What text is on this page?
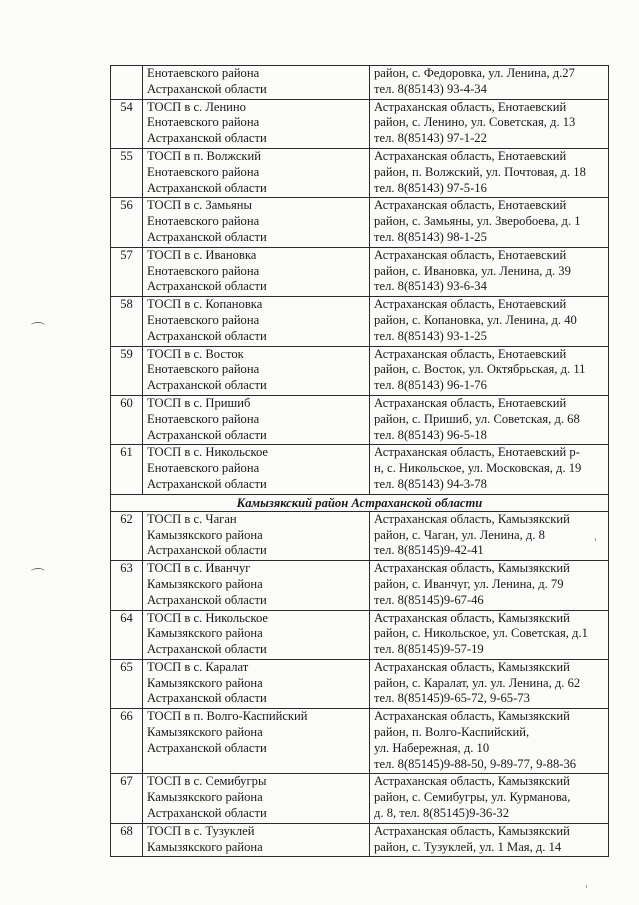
	Енотаевского района
Астраханской области	район, с. Федоровка, ул. Ленина, д.27
тел. 8(85143) 93-4-34

54	ТОСП в с. Ленино
Енотаевского района
Астраханской области	Астраханская область, Енотаевский
район, с. Ленино, ул. Советская, д. 13
тел. 8(85143) 97-1-22

55	ТОСП в п. Волжский
Енотаевского района
Астраханской области	Астраханская область, Енотаевский
район, п. Волжский, ул. Почтовая, д. 18
тел. 8(85143) 97-5-16

56	ТОСП в с. Замьяны
Енотаевского района
Астраханской области	Астраханская область, Енотаевский
район, с. Замьяны, ул. Зверобоева, д. 1
тел. 8(85143) 98-1-25

57	ТОСП в с. Ивановка
Енотаевского района
Астраханской области	Астраханская область, Енотаевский
район, с. Ивановка, ул. Ленина, д. 39
тел. 8(85143) 93-6-34

58	ТОСП в с. Копановка
Енотаевского района
Астраханской области	Астраханская область, Енотаевский
район, с. Копановка, ул. Ленина, д. 40
тел. 8(85143) 93-1-25

59	ТОСП в с. Восток
Енотаевского района
Астраханской области	Астраханская область, Енотаевский
район, с. Восток, ул. Октябрьская, д. 11
тел. 8(85143) 96-1-76

60	ТОСП в с. Пришиб
Енотаевского района
Астраханской области	Астраханская область, Енотаевский
район, с. Пришиб, ул. Советская, д. 68
тел. 8(85143) 96-5-18

61	ТОСП в с. Никольское
Енотаевского района
Астраханской области	Астраханская область, Енотаевский р-
н, с. Никольское, ул. Московская, д. 19
тел. 8(85143) 94-3-78

Камызякский район Астраханской области		
62	ТОСП в с. Чаган
Камызякского района
Астраханской области	Астраханская область, Камызякский
район, с. Чаган, ул. Ленина, д. 8
тел. 8(85145)9-42-41

63	ТОСП в с. Иванчуг
Камызякского района
Астраханской области	Астраханская область, Камызякский
район, с. Иванчуг, ул. Ленина, д. 79
тел. 8(85145)9-67-46

64	ТОСП в с. Никольское
Камызякского района
Астраханской области	Астраханская область, Камызякский
район, с. Никольское, ул. Советская, д.1
тел. 8(85145)9-57-19

65	ТОСП в с. Каралат
Камызякского района
Астраханской области	Астраханская область, Камызякский
район, с. Каралат, ул. ул. Ленина, д. 62
тел. 8(85145)9-65-72, 9-65-73

66	ТОСП в п. Волго-Каспийский
Камызякского района
Астраханской области	Астраханская область, Камызякский
район, п. Волго-Каспийский,
ул. Набережная, д. 10
тел. 8(85145)9-88-50, 9-89-77, 9-88-36

67	ТОСП в с. Семибугры
Камызякского района
Астраханской области	Астраханская область, Камызякский
район, с. Семибугры, ул. Курманова,
д. 8, тел. 8(85145)9-36-32

68	ТОСП в с. Тузуклей
Камызякского района	Астраханская область, Камызякский
район, с. Тузуклей, ул. 1 Мая, д. 14
